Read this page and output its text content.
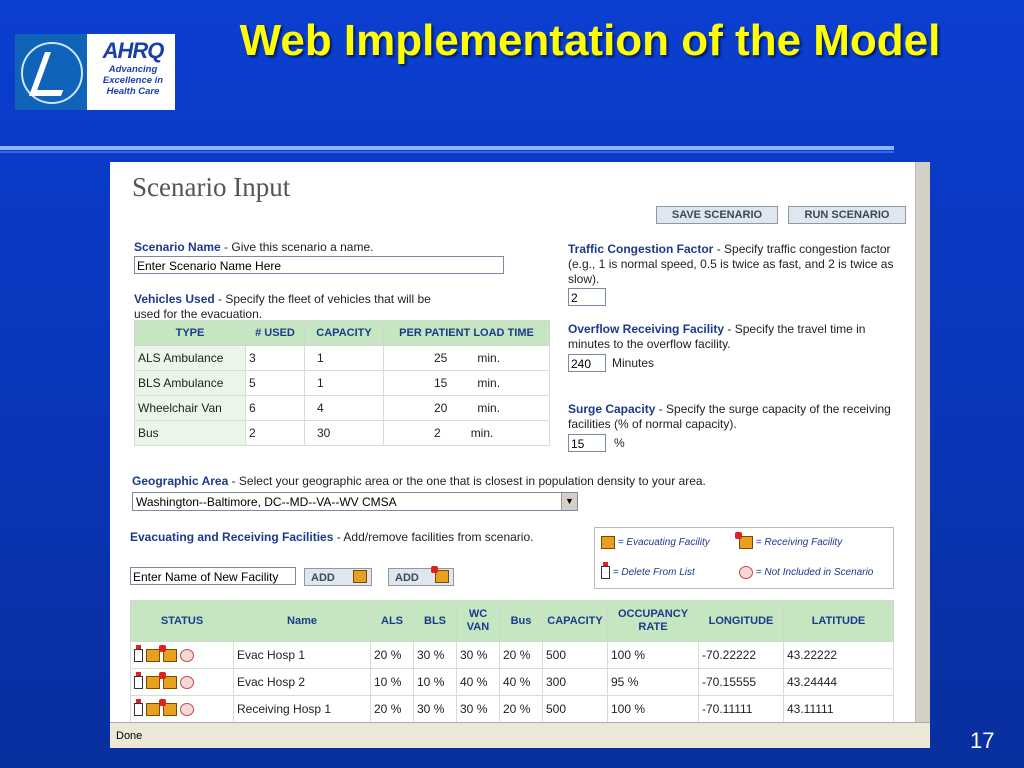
AHRQ
Advancing Excellence in Health Care
Web Implementation of the Model
Scenario Input
SAVE SCENARIO	RUN SCENARIO
Scenario Name - Give this scenario a name.
Enter Scenario Name Here
Vehicles Used - Specify the fleet of vehicles that will be used for the evacuation.
TYPE	# USED	CAPACITY	PER PATIENT LOAD TIME
ALS Ambulance	3	1	25 min.

BLS Ambulance	5	1	15 min.

Wheelchair Van	6	4	20 min.

Bus	2	30	2 min.
Traffic Congestion Factor - Specify traffic congestion factor (e.g., 1 is normal speed, 0.5 is twice as fast, and 2 is twice as slow).
2
Overflow Receiving Facility - Specify the travel time in minutes to the overflow facility.
240	Minutes
Surge Capacity - Specify the surge capacity of the receiving facilities (% of normal capacity).
15	%
Geographic Area - Select your geographic area or the one that is closest in population density to your area.
Washington--Baltimore, DC--MD--VA--WV CMSA	▼
Evacuating and Receiving Facilities - Add/remove facilities from scenario.
Enter Name of New Facility	ADD	ADD
= Evacuating Facility	= Receiving Facility
= Delete From List	= Not Included in Scenario
STATUS	Name	ALS	BLS	WC VAN	Bus	CAPACITY	OCCUPANCY RATE	LONGITUDE	LATITUDE
	Evac Hosp 1	20 %	30 %	30 %	20 %	500	100 %	-70.22222	43.22222
	Evac Hosp 2	10 %	10 %	40 %	40 %	300	95 %	-70.15555	43.24444
	Receiving Hosp 1	20 %	30 %	30 %	20 %	500	100 %	-70.11111	43.11111
Done	17
